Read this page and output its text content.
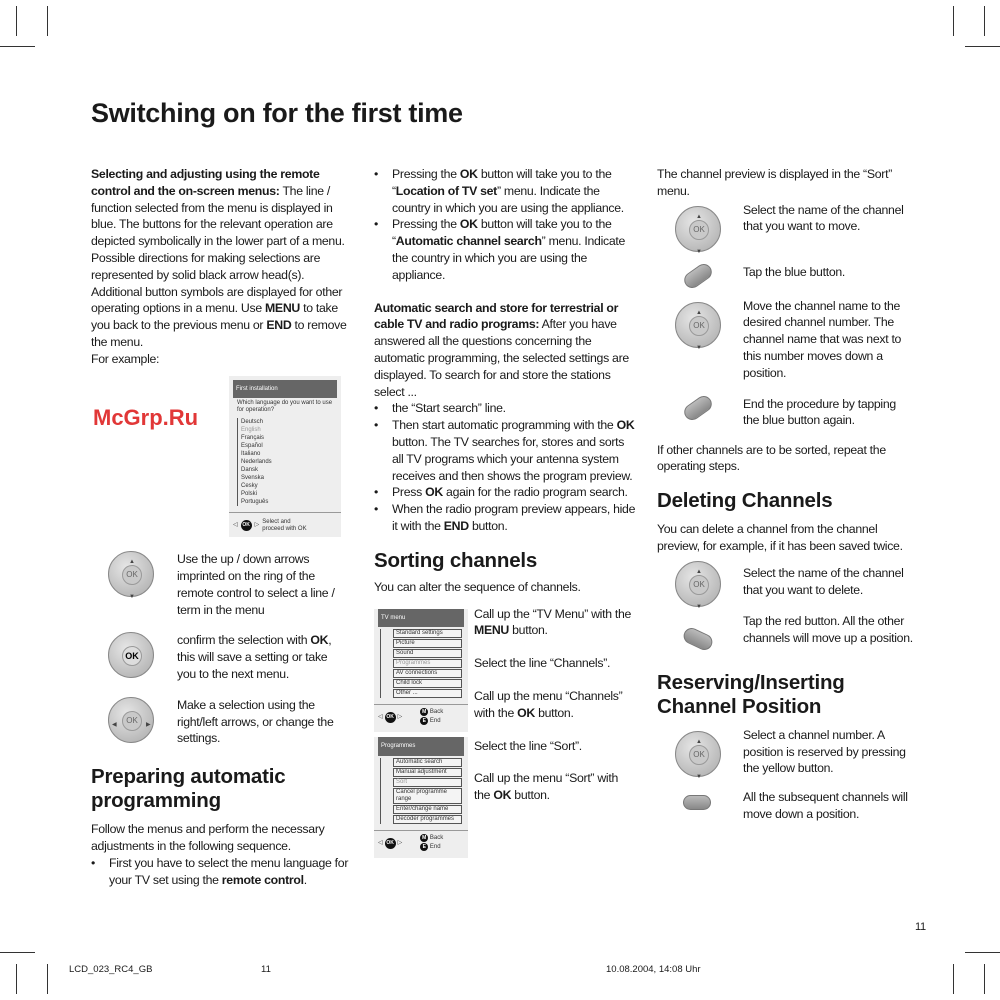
Switching on for the first time
Selecting and adjusting using the remote control and the on-screen menus: The line / function selected from the menu is displayed in blue. The buttons for the relevant operation are depicted symbolically in the lower part of a menu. Possible directions for making selections are represented by solid black arrow head(s). Additional button symbols are displayed for other operating options in a menu. Use MENU to take you back to the previous menu or END to remove the menu.
For example:
McGrp.Ru
First installation
Which language do you want to use for operation?
Deutsch
English
Français
Español
Italiano
Nederlands
Dansk
Svenska
Cesky
Polski
Português
◁ OK ▷
Select and proceed with OK
▲
▼
OK
Use the up / down arrows imprinted on the ring of the remote control to select a line / term in the menu
OK
confirm the selection with OK, this will save a setting or take you to the next menu.
◀	▶
OK
Make a selection using the right/left arrows, or change the settings.
Preparing automatic programming
Follow the menus and perform the necessary adjustments in the following sequence.
• First you have to select the menu language for your TV set using the remote control.
• Pressing the OK button will take you to the “Location of TV set” menu. Indicate the country in which you are using the appliance.
• Pressing the OK button will take you to the “Automatic channel search” menu. Indicate the country in which you are using the appliance.
Automatic search and store for terrestrial or cable TV and radio programs: After you have answered all the questions concerning the automatic programming, the selected settings are displayed. To search for and store the stations select ...
• the “Start search” line.
• Then start automatic programming with the OK button. The TV searches for, stores and sorts all TV programs which your antenna system receives and then shows the program preview.
• Press OK again for the radio program search.
• When the radio program preview appears, hide it with the END button.
Sorting channels
You can alter the sequence of channels.
TV menu
Standard settings
Picture
Sound
Programmes
AV connections
Child lock
Other ...
◁ OK ▷
M Back
E End
Programmes
Automatic search
Manual adjustment
Sort
Cancel programme range
Enter/change name
Decoder programmes
◁ OK ▷
M Back
E End
Call up the “TV Menu” with the MENU button.
Select the line “Channels”.
Call up the menu “Channels” with the OK button.
Select the line “Sort”.
Call up the menu “Sort” with the OK button.
The channel preview is displayed in the “Sort” menu.
▲
▼
OK
Select the name of the channel that you want to move.
Tap the blue button.
▲
▼
OK
Move the channel name to the desired channel number. The channel name that was next to this number moves down a position.
End the procedure by tapping the blue button again.
If other channels are to be sorted, repeat the operating steps.
Deleting Channels
You can delete a channel from the channel preview, for example, if it has been saved twice.
▲
▼
OK
Select the name of the channel that you want to delete.
Tap the red button. All the other channels will move up a position.
Reserving/Inserting Channel Position
▲
▼
OK
Select a channel number. A position is reserved by pressing the yellow button.
All the subsequent channels will move down a position.
11
LCD_023_RC4_GB	11	10.08.2004, 14:08 Uhr
